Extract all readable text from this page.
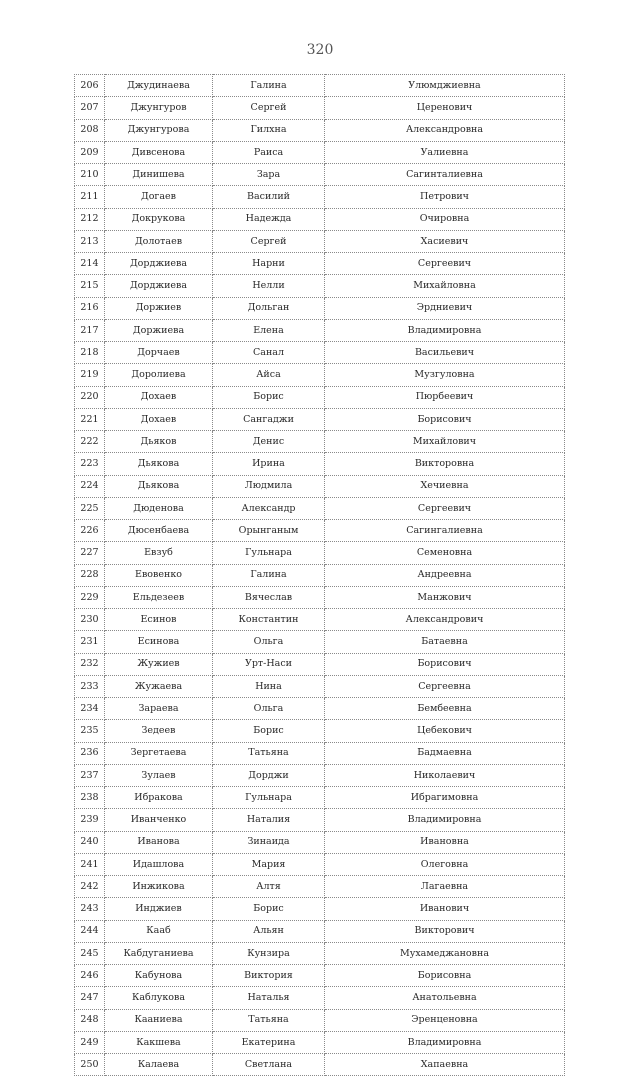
320
206	Джудинаева	Галина	Улюмджиевна
207	Джунгуров	Сергей	Церенович
208	Джунгурова	Гилхна	Александровна
209	Дивсенова	Раиса	Уалиевна
210	Динишева	Зара	Сагинталиевна
211	Догаев	Василий	Петрович
212	Докрукова	Надежда	Очировна
213	Долотаев	Сергей	Хасиевич
214	Дорджиева	Нарни	Сергеевич
215	Дорджиева	Нелли	Михайловна
216	Доржиев	Дольган	Эрдниевич
217	Доржиева	Елена	Владимировна
218	Дорчаев	Санал	Васильевич
219	Доролиева	Айса	Музгуловна
220	Дохаев	Борис	Пюрбеевич
221	Дохаев	Сангаджи	Борисович
222	Дьяков	Денис	Михайлович
223	Дьякова	Ирина	Викторовна
224	Дьякова	Людмила	Хечиевна
225	Дюденова	Александр	Сергеевич
226	Дюсенбаева	Орынганым	Сагингалиевна
227	Евзуб	Гульнара	Семеновна
228	Евовенко	Галина	Андреевна
229	Ельдезеев	Вячеслав	Манжович
230	Есинов	Константин	Александрович
231	Есинова	Ольга	Батаевна
232	Жужиев	Урт-Наси	Борисович
233	Жужаева	Нина	Сергеевна
234	Зараева	Ольга	Бембеевна
235	Зедеев	Борис	Цебекович
236	Зергетаева	Татьяна	Бадмаевна
237	Зулаев	Дорджи	Николаевич
238	Ибракова	Гульнара	Ибрагимовна
239	Иванченко	Наталия	Владимировна
240	Иванова	Зинаида	Ивановна
241	Идашлова	Мария	Олеговна
242	Инжикова	Алтя	Лагаевна
243	Инджиев	Борис	Иванович
244	Кааб	Альян	Викторович
245	Кабдуганиева	Кунзира	Мухамеджановна
246	Кабунова	Виктория	Борисовна
247	Каблукова	Наталья	Анатольевна
248	Кааниева	Татьяна	Эренценовна
249	Какшева	Екатерина	Владимировна
250	Калаева	Светлана	Хапаевна
